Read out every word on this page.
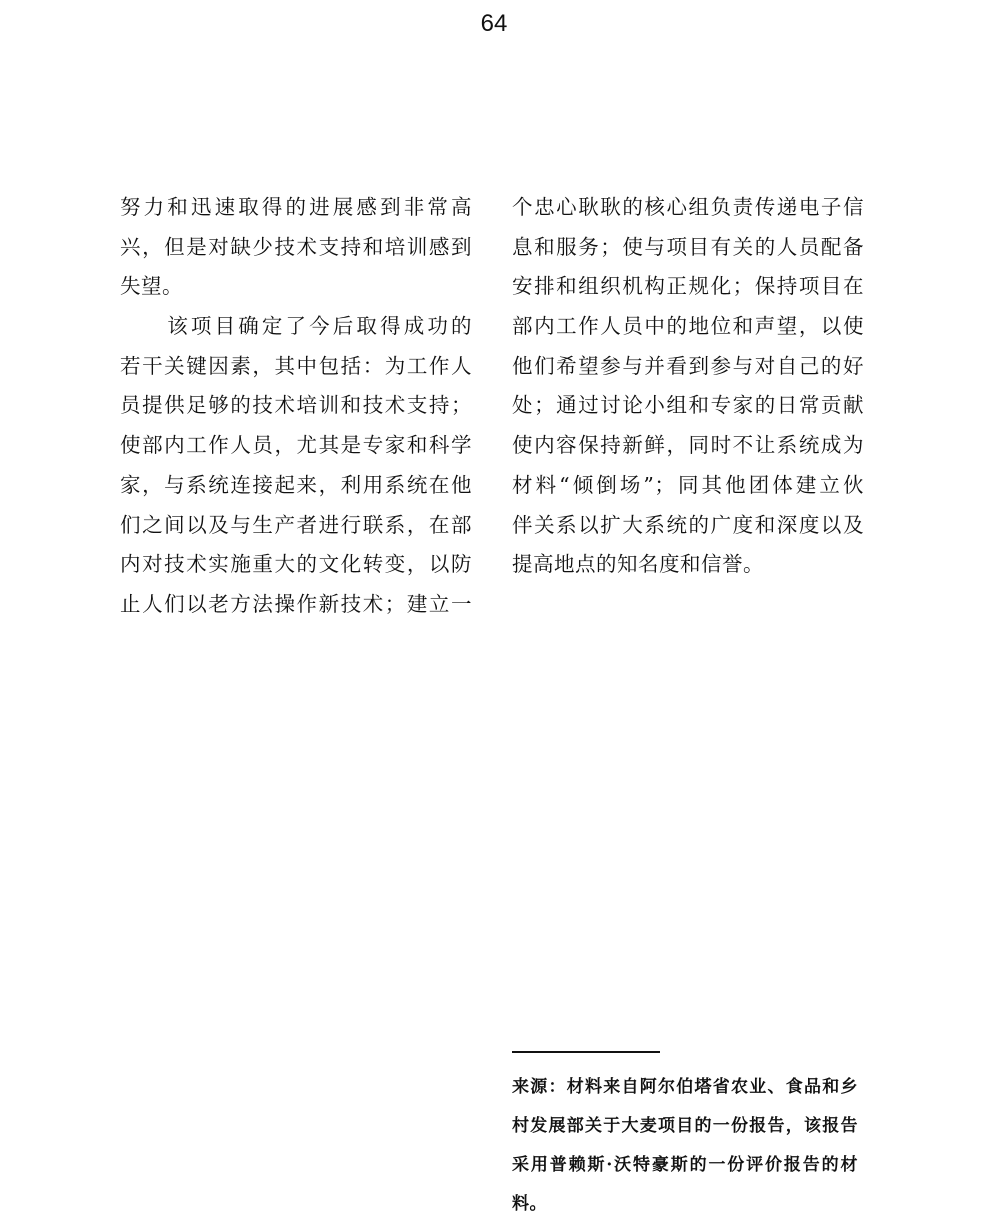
64
努力和迅速取得的进展感到非常高
兴，但是对缺少技术支持和培训感到
失望。
　　该项目确定了今后取得成功的
若干关键因素，其中包括：为工作人
员提供足够的技术培训和技术支持；
使部内工作人员，尤其是专家和科学
家，与系统连接起来，利用系统在他
们之间以及与生产者进行联系，在部
内对技术实施重大的文化转变，以防
止人们以老方法操作新技术；建立一
个忠心耿耿的核心组负责传递电子信
息和服务；使与项目有关的人员配备
安排和组织机构正规化；保持项目在
部内工作人员中的地位和声望，以使
他们希望参与并看到参与对自己的好
处；通过讨论小组和专家的日常贡献
使内容保持新鲜，同时不让系统成为
材料“倾倒场”；同其他团体建立伙
伴关系以扩大系统的广度和深度以及
提高地点的知名度和信誉。
来源：材料来自阿尔伯塔省农业、食品和乡
村发展部关于大麦项目的一份报告，该报告
采用普赖斯·沃特豪斯的一份评价报告的材
料。
